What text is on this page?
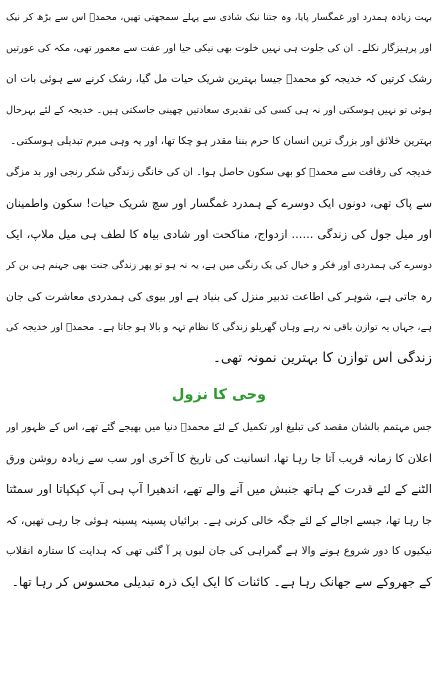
بہت زیادہ ہمدرد اور غمگسار پایا، وہ جتنا نیک شادی سے پہلے سمجھتی تھیں، محمدؐ اس سے بڑھ کر نیک
اور پرہیزگار نکلے۔ ان کی جلوت ہی نہیں خلوت بھی نیکی حیا اور عفت سے معمور تھی، مکہ کی عورتیں
رشک کرتیں کہ خدیجہ کو محمدؐ جیسا بہترین شریک حیات مل گیا، رشک کرنے سے ہوئی بات ان
ہوئی تو نہیں ہوسکتی اور نہ ہی کسی کی تقدیری سعادتیں چھینی جاسکتی ہیں۔ خدیجہ کے لئے بہرحال
بہترین خلائق اور بزرگ ترین انسان کا حرم بننا مقدر ہو چکا تھا، اور یہ وہی مبرم تبدیلی ہوسکتی۔
خدیجہ کی رفاقت سے محمدؐ کو بھی سکون حاصل ہوا۔ ان کی خانگی زندگی شکر رنجی اور بد مزگی
سے پاک تھی، دونوں ایک دوسرے کے ہمدرد غمگسار اور سچ شریک حیات! سکون واطمینان
اور میل جول کی زندگی ...... ازدواج، مناکحت اور شادی بیاہ کا لطف ہی میل ملاپ، ایک
دوسرے کی ہمدردی اور فکر و خیال کی یک رنگی میں ہے، یہ نہ ہو تو پھر زندگی جنت بھی جہنم ہی بن کر
رہ جاتی ہے، شوہر کی اطاعت تدبیر منزل کی بنیاد ہے اور بیوی کی ہمدردی معاشرت کی جان
ہے، جہاں یہ توازن باقی نہ رہے وہاں گھریلو زندگی کا نظام تہہ و بالا ہو جاتا ہے۔ محمدؐ اور خدیجہ کی
زندگی اس توازن کا بہترین نمونہ تھی۔
وحی کا نزول
جس مہتمم بالشان مقصد کی تبلیغ اور تکمیل کے لئے محمدؐ دنیا میں بھیجے گئے تھے، اس کے ظہور اور
اعلان کا زمانہ قریب آتا جا رہا تھا، انسانیت کی تاریخ کا آخری اور سب سے زیادہ روشن ورق
الٹنے کے لئے قدرت کے ہاتھ جنبش میں آنے والے تھے، اندھیرا آپ ہی آپ کپکپاتا اور سمٹتا
جا رہا تھا، جیسے اجالے کے لئے جگہ خالی کرنی ہے۔ برائیاں پسینہ پسینہ ہوئی جا رہی تھیں، کہ
نیکیوں کا دور شروع ہونے والا ہے گمراہی کی جان لبوں پر آ گئی تھی کہ ہدایت کا ستارہ انقلاب
کے جھروکے سے جھانک رہا ہے۔ کائنات کا ایک ایک ذرہ تبدیلی محسوس کر رہا تھا۔
